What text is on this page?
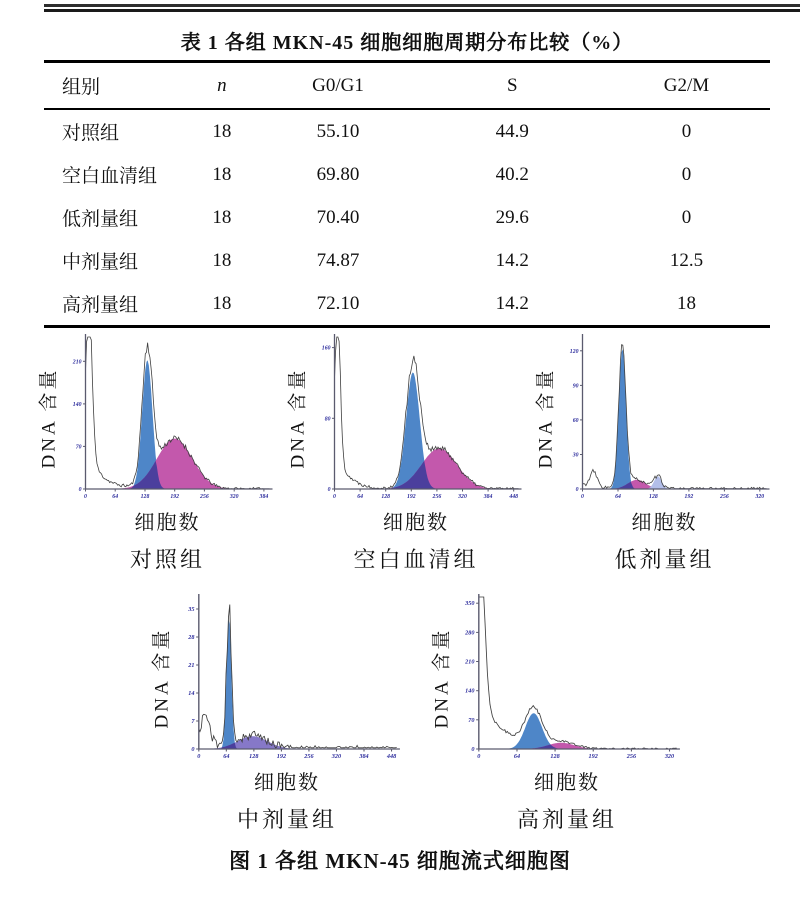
表 1 各组 MKN-45 细胞细胞周期分布比较（%）
组别	n	G0/G1	S	G2/M
对照组	18	55.10	44.9	0
空白血清组	18	69.80	40.2	0
低剂量组	18	70.40	29.6	0
中剂量组	18	74.87	14.2	12.5
高剂量组	18	72.10	14.2	18
DNA 含量
0
70
140
210
0	64	128	192	256	320	384
细胞数
对照组
DNA 含量
0
80
160
0	64	128	192	256	320	384	448
细胞数
空白血清组
DNA 含量
0
30
60
90
120
0	64	128	192	256	320
细胞数
低剂量组
DNA 含量
0
7
14
21
28
35
0	64	128	192	256	320	384	448
细胞数
中剂量组
DNA 含量
0
70
140
210
280
350
0	64	128	192	256	320
细胞数
高剂量组
图 1 各组 MKN-45 细胞流式细胞图
